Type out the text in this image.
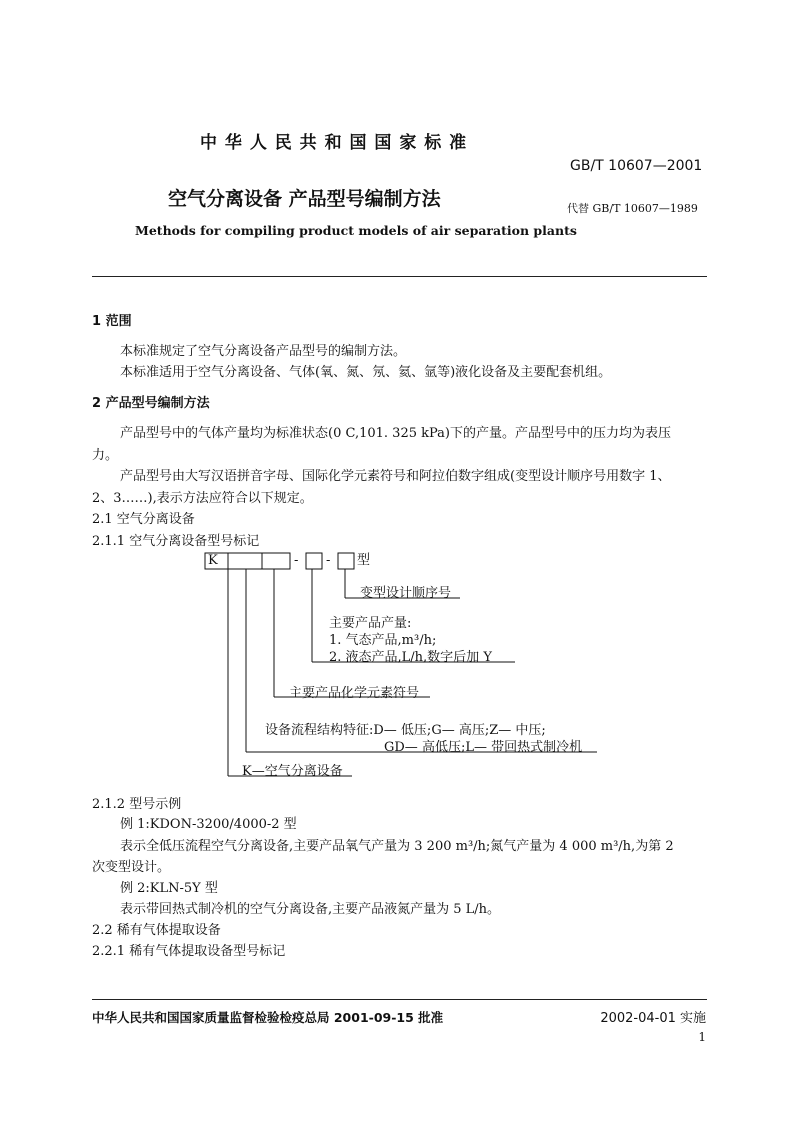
中 华 人 民 共 和 国 国 家 标 准
GB/T 10607—2001
空气分离设备 产品型号编制方法	代替 GB/T 10607—1989
Methods for compiling product models of air separation plants
1 范围
本标准规定了空气分离设备产品型号的编制方法。
本标准适用于空气分离设备、气体(氧、氮、氖、氦、氩等)液化设备及主要配套机组。
2 产品型号编制方法
产品型号中的气体产量均为标准状态(0 C,101. 325 kPa)下的产量。产品型号中的压力均为表压
力。
产品型号由大写汉语拼音字母、国际化学元素符号和阿拉伯数字组成(变型设计顺序号用数字 1、
2、3……),表示方法应符合以下规定。
2.1 空气分离设备
2.1.1 空气分离设备型号标记
K	- - 型
变型设计顺序号
主要产品产量:
1. 气态产品,m³/h;
2. 液态产品,L/h,数字后加 Y
主要产品化学元素符号
设备流程结构特征:D— 低压;G— 高压;Z— 中压;
GD— 高低压;L— 带回热式制冷机
K—空气分离设备
2.1.2 型号示例
例 1:KDON-3200/4000-2 型
表示全低压流程空气分离设备,主要产品氧气产量为 3 200 m³/h;氮气产量为 4 000 m³/h,为第 2
次变型设计。
例 2:KLN-5Y 型
表示带回热式制冷机的空气分离设备,主要产品液氮产量为 5 L/h。
2.2 稀有气体提取设备
2.2.1 稀有气体提取设备型号标记
中华人民共和国国家质量监督检验检疫总局 2001-09-15 批准	2002-04-01 实施
1
